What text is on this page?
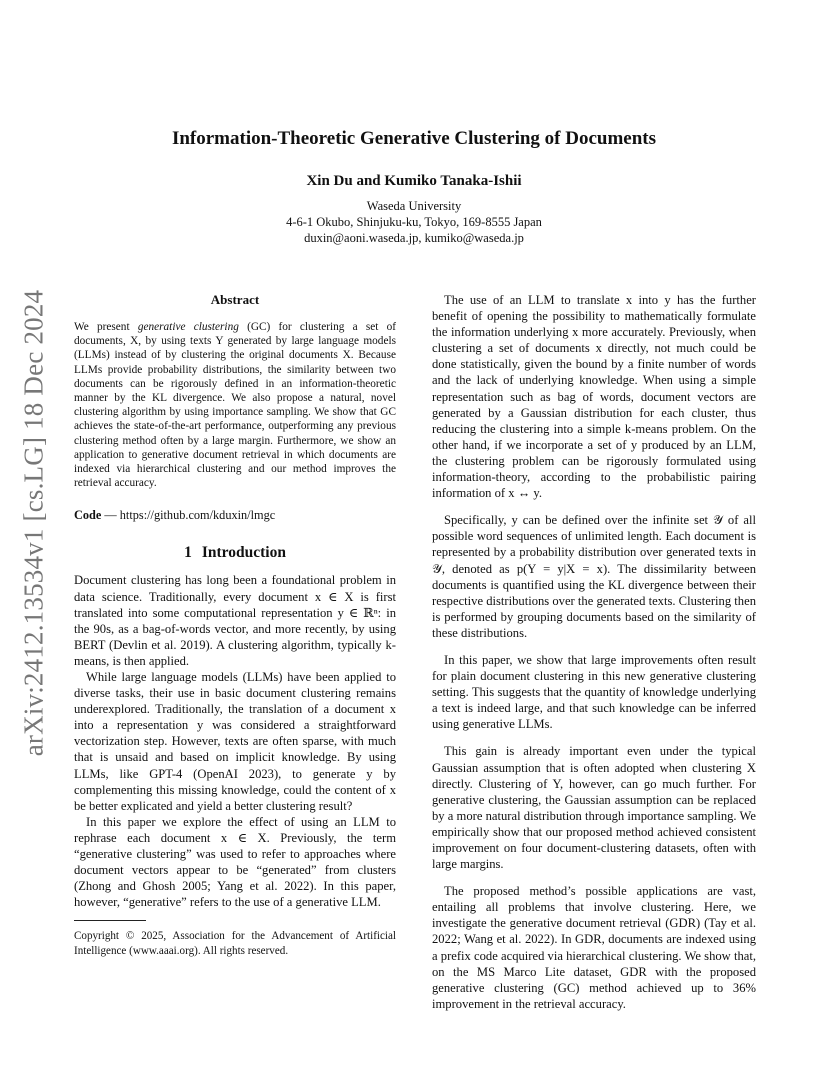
arXiv:2412.13534v1 [cs.LG] 18 Dec 2024
Information-Theoretic Generative Clustering of Documents
Xin Du and Kumiko Tanaka-Ishii
Waseda University
4-6-1 Okubo, Shinjuku-ku, Tokyo, 169-8555 Japan
duxin@aoni.waseda.jp, kumiko@waseda.jp
Abstract
We present generative clustering (GC) for clustering a set of documents, X, by using texts Y generated by large language models (LLMs) instead of by clustering the original documents X. Because LLMs provide probability distributions, the similarity between two documents can be rigorously defined in an information-theoretic manner by the KL divergence. We also propose a natural, novel clustering algorithm by using importance sampling. We show that GC achieves the state-of-the-art performance, outperforming any previous clustering method often by a large margin. Furthermore, we show an application to generative document retrieval in which documents are indexed via hierarchical clustering and our method improves the retrieval accuracy.
Code — https://github.com/kduxin/lmgc
1 Introduction

Document clustering has long been a foundational problem in data science. Traditionally, every document x ∈ X is first translated into some computational representation y ∈ ℝⁿ: in the 90s, as a bag-of-words vector, and more recently, by using BERT (Devlin et al. 2019). A clustering algorithm, typically k-means, is then applied.

While large language models (LLMs) have been applied to diverse tasks, their use in basic document clustering remains underexplored. Traditionally, the translation of a document x into a representation y was considered a straightforward vectorization step. However, texts are often sparse, with much that is unsaid and based on implicit knowledge. By using LLMs, like GPT-4 (OpenAI 2023), to generate y by complementing this missing knowledge, could the content of x be better explicated and yield a better clustering result?

In this paper we explore the effect of using an LLM to rephrase each document x ∈ X. Previously, the term “generative clustering” was used to refer to approaches where document vectors appear to be “generated” from clusters (Zhong and Ghosh 2005; Yang et al. 2022). In this paper, however, “generative” refers to the use of a generative LLM.

Copyright © 2025, Association for the Advancement of Artificial Intelligence (www.aaai.org). All rights reserved.

The use of an LLM to translate x into y has the further benefit of opening the possibility to mathematically formulate the information underlying x more accurately. Previously, when clustering a set of documents x directly, not much could be done statistically, given the bound by a finite number of words and the lack of underlying knowledge. When using a simple representation such as bag of words, document vectors are generated by a Gaussian distribution for each cluster, thus reducing the clustering into a simple k-means problem. On the other hand, if we incorporate a set of y produced by an LLM, the clustering problem can be rigorously formulated using information-theory, according to the probabilistic pairing information of x ↔ y.

Specifically, y can be defined over the infinite set 𝒴 of all possible word sequences of unlimited length. Each document is represented by a probability distribution over generated texts in 𝒴, denoted as p(Y = y|X = x). The dissimilarity between documents is quantified using the KL divergence between their respective distributions over the generated texts. Clustering then is performed by grouping documents based on the similarity of these distributions.

In this paper, we show that large improvements often result for plain document clustering in this new generative clustering setting. This suggests that the quantity of knowledge underlying a text is indeed large, and that such knowledge can be inferred using generative LLMs.

This gain is already important even under the typical Gaussian assumption that is often adopted when clustering X directly. Clustering of Y, however, can go much further. For generative clustering, the Gaussian assumption can be replaced by a more natural distribution through importance sampling. We empirically show that our proposed method achieved consistent improvement on four document-clustering datasets, often with large margins.

The proposed method’s possible applications are vast, entailing all problems that involve clustering. Here, we investigate the generative document retrieval (GDR) (Tay et al. 2022; Wang et al. 2022). In GDR, documents are indexed using a prefix code acquired via hierarchical clustering. We show that, on the MS Marco Lite dataset, GDR with the proposed generative clustering (GC) method achieved up to 36% improvement in the retrieval accuracy.
